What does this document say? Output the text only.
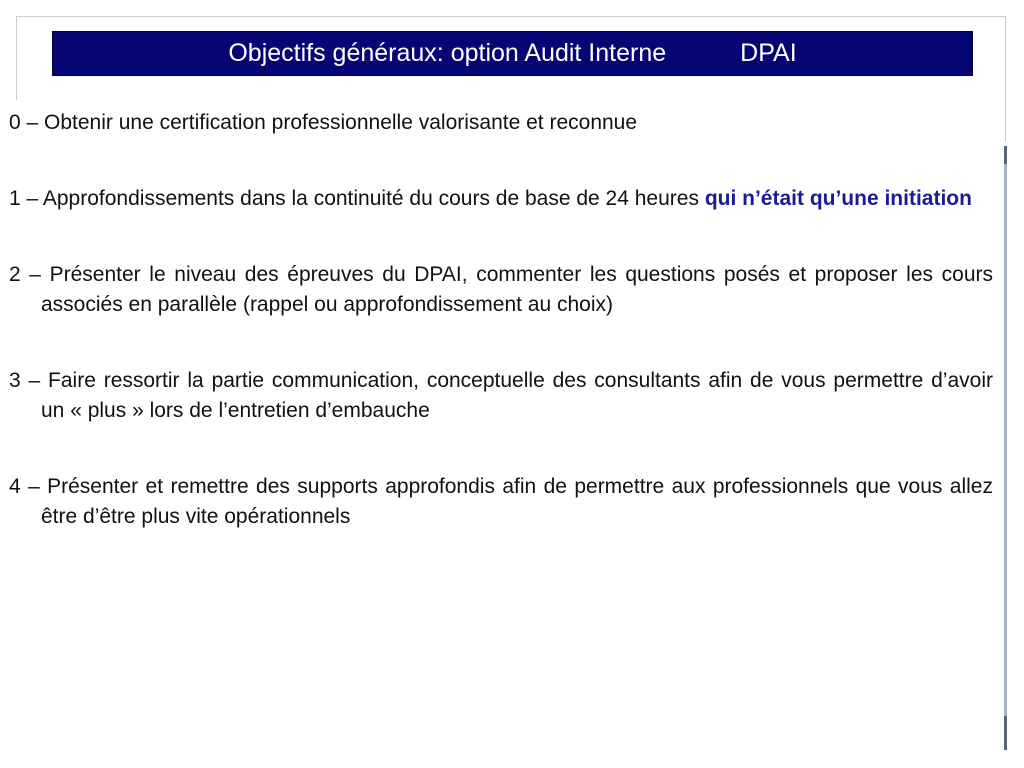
Objectifs généraux: option Audit Interne	DPAI

0 – Obtenir une certification professionnelle valorisante et reconnue

1 – Approfondissements dans la continuité du cours de base de 24 heures qui n’était qu’une initiation

2 – Présenter le niveau des épreuves du DPAI, commenter les questions posés et proposer les cours associés en parallèle (rappel ou approfondissement au choix)

3 – Faire ressortir la partie communication, conceptuelle des consultants afin de vous permettre d’avoir un « plus » lors de l’entretien d’embauche

4 – Présenter et remettre des supports approfondis afin de permettre aux professionnels que vous allez être d’être plus vite opérationnels
